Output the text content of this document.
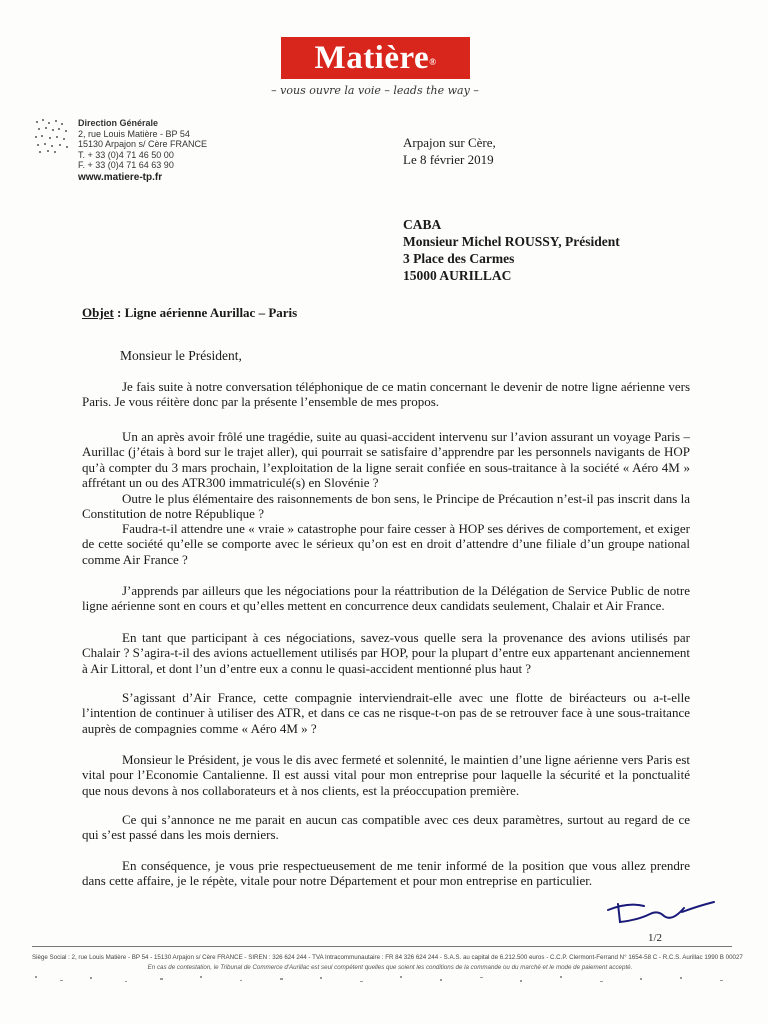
Matière®
– vous ouvre la voie – leads the way –
Direction Générale
2, rue Louis Matière - BP 54
15130 Arpajon s/ Cère FRANCE
T. + 33 (0)4 71 46 50 00
F. + 33 (0)4 71 64 63 90
www.matiere-tp.fr
Arpajon sur Cère,
Le 8 février 2019
CABA
Monsieur Michel ROUSSY, Président
3 Place des Carmes
15000 AURILLAC
Objet : Ligne aérienne Aurillac – Paris
Monsieur le Président,

Je fais suite à notre conversation téléphonique de ce matin concernant le devenir de notre ligne aérienne vers Paris. Je vous réitère donc par la présente l’ensemble de mes propos.

Un an après avoir frôlé une tragédie, suite au quasi-accident intervenu sur l’avion assurant un voyage Paris – Aurillac (j’étais à bord sur le trajet aller), qui pourrait se satisfaire d’apprendre par les personnels navigants de HOP qu’à compter du 3 mars prochain, l’exploitation de la ligne serait confiée en sous-traitance à la société « Aéro 4M » affrétant un ou des ATR300 immatriculé(s) en Slovénie ?

Outre le plus élémentaire des raisonnements de bon sens, le Principe de Précaution n’est-il pas inscrit dans la Constitution de notre République ?

Faudra-t-il attendre une « vraie » catastrophe pour faire cesser à HOP ses dérives de comportement, et exiger de cette société qu’elle se comporte avec le sérieux qu’on est en droit d’attendre d’une filiale d’un groupe national comme Air France ?

J’apprends par ailleurs que les négociations pour la réattribution de la Délégation de Service Public de notre ligne aérienne sont en cours et qu’elles mettent en concurrence deux candidats seulement, Chalair et Air France.

En tant que participant à ces négociations, savez-vous quelle sera la provenance des avions utilisés par Chalair ? S’agira-t-il des avions actuellement utilisés par HOP, pour la plupart d’entre eux appartenant anciennement à Air Littoral, et dont l’un d’entre eux a connu le quasi-accident mentionné plus haut ?

S’agissant d’Air France, cette compagnie interviendrait-elle avec une flotte de biréacteurs ou a-t-elle l’intention de continuer à utiliser des ATR, et dans ce cas ne risque-t-on pas de se retrouver face à une sous-traitance auprès de compagnies comme « Aéro 4M » ?

Monsieur le Président, je vous le dis avec fermeté et solennité, le maintien d’une ligne aérienne vers Paris est vital pour l’Economie Cantalienne. Il est aussi vital pour mon entreprise pour laquelle la sécurité et la ponctualité que nous devons à nos collaborateurs et à nos clients, est la préoccupation première.

Ce qui s’annonce ne me parait en aucun cas compatible avec ces deux paramètres, surtout au regard de ce qui s’est passé dans les mois derniers.

En conséquence, je vous prie respectueusement de me tenir informé de la position que vous allez prendre dans cette affaire, je le répète, vitale pour notre Département et pour mon entreprise en particulier.

1/2
Siège Social : 2, rue Louis Matière - BP 54 - 15130 Arpajon s/ Cère FRANCE - SIREN : 326 624 244 - TVA Intracommunautaire : FR 84 326 624 244 - S.A.S. au capital de 6.212.500 euros - C.C.P. Clermont-Ferrand N° 1654-58 C - R.C.S. Aurillac 1990 B 00027
En cas de contestation, le Tribunal de Commerce d'Aurillac est seul compétent quelles que soient les conditions de la commande ou du marché et le mode de paiement accepté.
